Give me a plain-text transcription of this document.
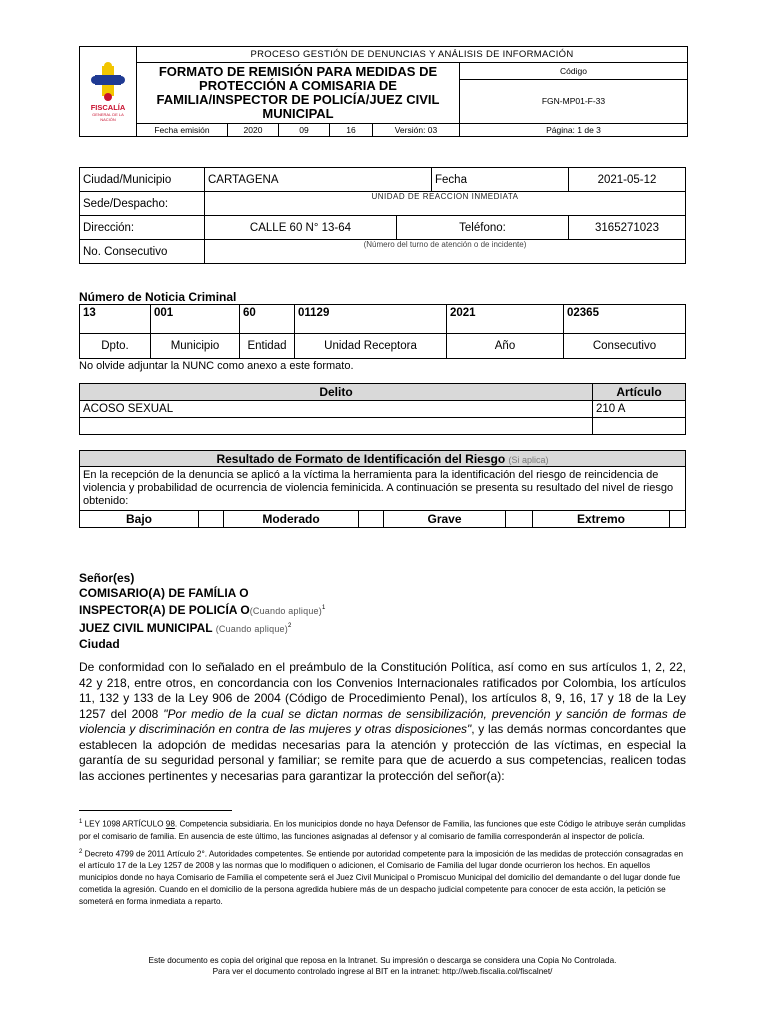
FISCALÍA
GENERAL DE LA NACIÓN	PROCESO GESTIÓN DE DENUNCIAS Y ANÁLISIS DE INFORMACIÓN					
	FORMATO DE REMISIÓN PARA MEDIDAS DE PROTECCIÓN A COMISARIA DE FAMILIA/INSPECTOR DE POLICÍA/JUEZ CIVIL MUNICIPAL					Código
						FGN-MP01-F-33
	Fecha emisión	2020	09	16	Versión: 03	Página: 1 de 3
Ciudad/Municipio	CARTAGENA		Fecha	2021-05-12
Sede/Despacho:	UNIDAD DE REACCION INMEDIATA			
Dirección:	CALLE 60 N° 13-64	Teléfono:		3165271023
No. Consecutivo	(Número del turno de atención o de incidente)			
Número de Noticia Criminal
13	001	60	01129	2021	02365
Dpto.	Municipio	Entidad	Unidad Receptora	Año	Consecutivo
No olvide adjuntar la NUNC como anexo a este formato.
Delito	Artículo
ACOSO SEXUAL	210 A

Resultado de Formato de Identificación del Riesgo (Si aplica)
En la recepción de la denuncia se aplicó a la víctima la herramienta para la identificación del riesgo de reincidencia de violencia y probabilidad de ocurrencia de violencia feminicida. A continuación se presenta su resultado del nivel de riesgo obtenido:
Bajo		Moderado		Grave		Extremo	
Señor(es)
COMISARIO(A) DE FAMÍLIA O
INSPECTOR(A) DE POLICÍA O(Cuando aplique)$^1$
JUEZ CIVIL MUNICIPAL (Cuando aplique)$^2$
Ciudad
De conformidad con lo señalado en el preámbulo de la Constitución Política, así como en sus artículos 1, 2, 22, 42 y 218, entre otros, en concordancia con los Convenios Internacionales ratificados por Colombia, los artículos 11, 132 y 133 de la Ley 906 de 2004 (Código de Procedimiento Penal), los artículos 8, 9, 16, 17 y 18 de la Ley 1257 del 2008 "Por medio de la cual se dictan normas de sensibilización, prevención y sanción de formas de violencia y discriminación en contra de las mujeres y otras disposiciones", y las demás normas concordantes que establecen la adopción de medidas necesarias para la atención y protección de las víctimas, en especial la garantía de su seguridad personal y familiar; se remite para que de acuerdo a sus competencias, realicen todas las acciones pertinentes y necesarias para garantizar la protección del señor(a):

$^1$ LEY 1098 ARTÍCULO 98. Competencia subsidiaria. En los municipios donde no haya Defensor de Familia, las funciones que este Código le atribuye serán cumplidas por el comisario de familia. En ausencia de este último, las funciones asignadas al defensor y al comisario de familia corresponderán al inspector de policía.

$^2$ Decreto 4799 de 2011 Artículo 2°. Autoridades competentes. Se entiende por autoridad competente para la imposición de las medidas de protección consagradas en el artículo 17 de la Ley 1257 de 2008 y las normas que lo modifiquen o adicionen, el Comisario de Familia del lugar donde ocurrieron los hechos. En aquellos municipios donde no haya Comisario de Familia el competente será el Juez Civil Municipal o Promiscuo Municipal del domicilio del demandante o del lugar donde fue cometida la agresión. Cuando en el domicilio de la persona agredida hubiere más de un despacho judicial competente para conocer de esta acción, la petición se someterá en forma inmediata a reparto.

Este documento es copia del original que reposa en la Intranet. Su impresión o descarga se considera una Copia No Controlada.
Para ver el documento controlado ingrese al BIT en la intranet: http://web.fiscalia.col/fiscalnet/
